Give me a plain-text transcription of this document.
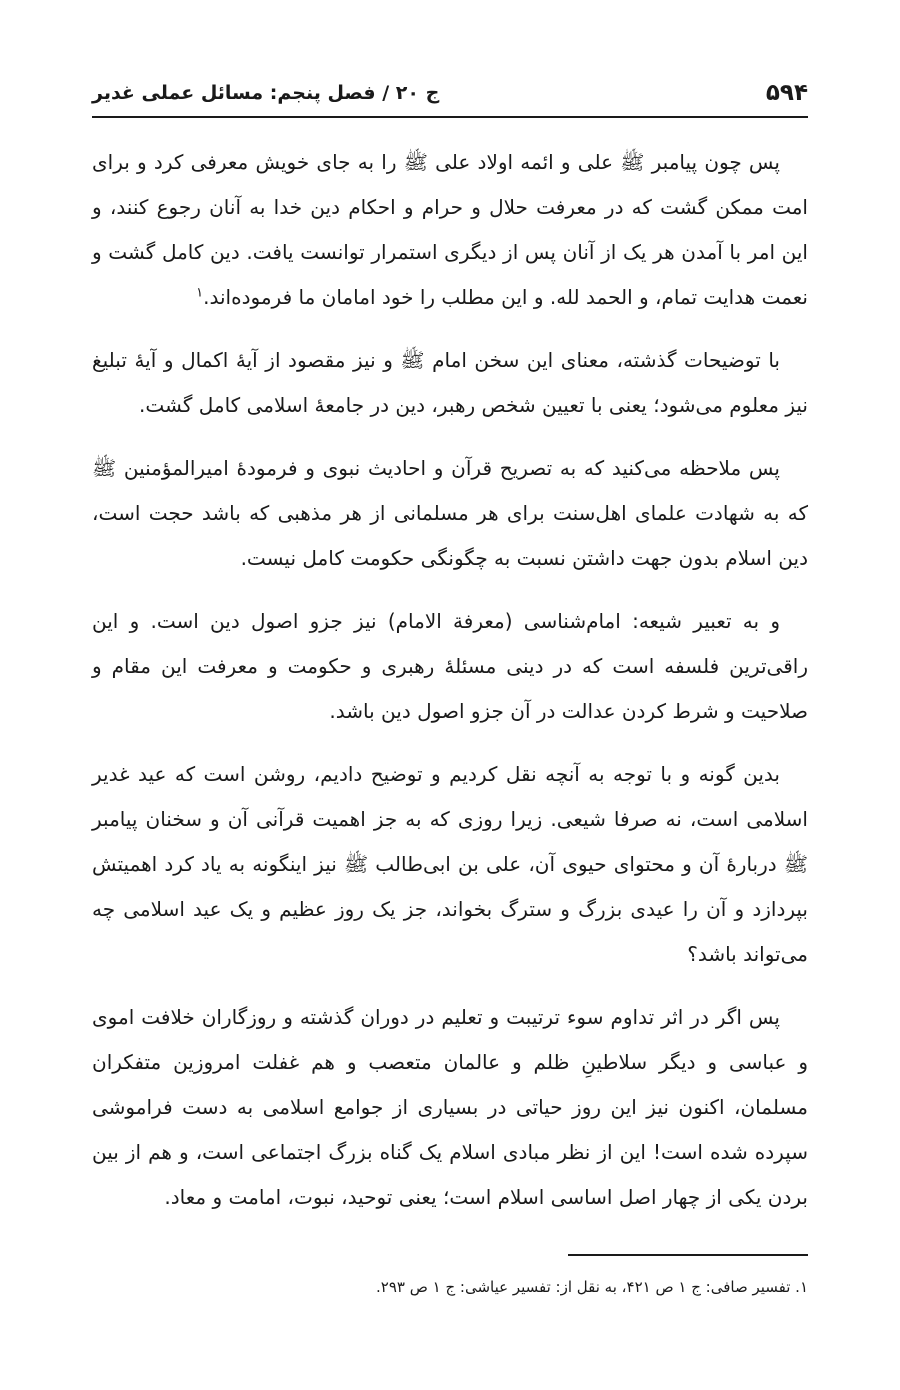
۵۹۴
ج ۲۰ / فصل پنجم: مسائل عملی غدیر

پس چون پیامبر ﷺ علی و ائمه اولاد علی ﷺ را به جای خویش معرفی کرد و برای امت ممکن گشت که در معرفت حلال و حرام و احکام دین خدا به آنان رجوع کنند، و این امر با آمدن هر یک از آنان پس از دیگری استمرار توانست یافت. دین کامل گشت و نعمت هدایت تمام، و الحمد لله. و این مطلب را خود امامان ما فرموده‌اند.$^۱$

با توضیحات گذشته، معنای این سخن امام ﷺ و نیز مقصود از آیهٔ اکمال و آیهٔ تبلیغ نیز معلوم می‌شود؛ یعنی با تعیین شخص رهبر، دین در جامعهٔ اسلامی کامل گشت.

پس ملاحظه می‌کنید که به تصریح قرآن و احادیث نبوی و فرمودهٔ امیرالمؤمنین ﷺ که به شهادت علمای اهل‌سنت برای هر مسلمانی از هر مذهبی که باشد حجت است، دین اسلام بدون جهت داشتن نسبت به چگونگی حکومت کامل نیست.

و به تعبیر شیعه: امام‌شناسی (معرفة الامام) نیز جزو اصول دین است. و این راقی‌ترین فلسفه است که در دینی مسئلهٔ رهبری و حکومت و معرفت این مقام و صلاحیت و شرط کردن عدالت در آن جزو اصول دین باشد.

بدین گونه و با توجه به آنچه نقل کردیم و توضیح دادیم، روشن است که عید غدیر اسلامی است، نه صرفا شیعی. زیرا روزی که به جز اهمیت قرآنی آن و سخنان پیامبر ﷺ دربارهٔ آن و محتوای حیوی آن، علی بن ابی‌طالب ﷺ نیز اینگونه به یاد کرد اهمیتش بپردازد و آن را عیدی بزرگ و سترگ بخواند، جز یک روز عظیم و یک عید اسلامی چه می‌تواند باشد؟

پس اگر در اثر تداوم سوء ترتیبت و تعلیم در دوران گذشته و روزگاران خلافت اموی و عباسی و دیگر سلاطینِ ظلم و عالمان متعصب و هم غفلت امروزین متفکران مسلمان، اکنون نیز این روز حیاتی در بسیاری از جوامع اسلامی به دست فراموشی سپرده شده است! این از نظر مبادی اسلام یک گناه بزرگ اجتماعی است، و هم از بین بردن یکی از چهار اصل اساسی اسلام است؛ یعنی توحید، نبوت، امامت و معاد.

۱. تفسیر صافی: ج ۱ ص ۴۲۱، به نقل از: تفسیر عیاشی: ج ۱ ص ۲۹۳.
